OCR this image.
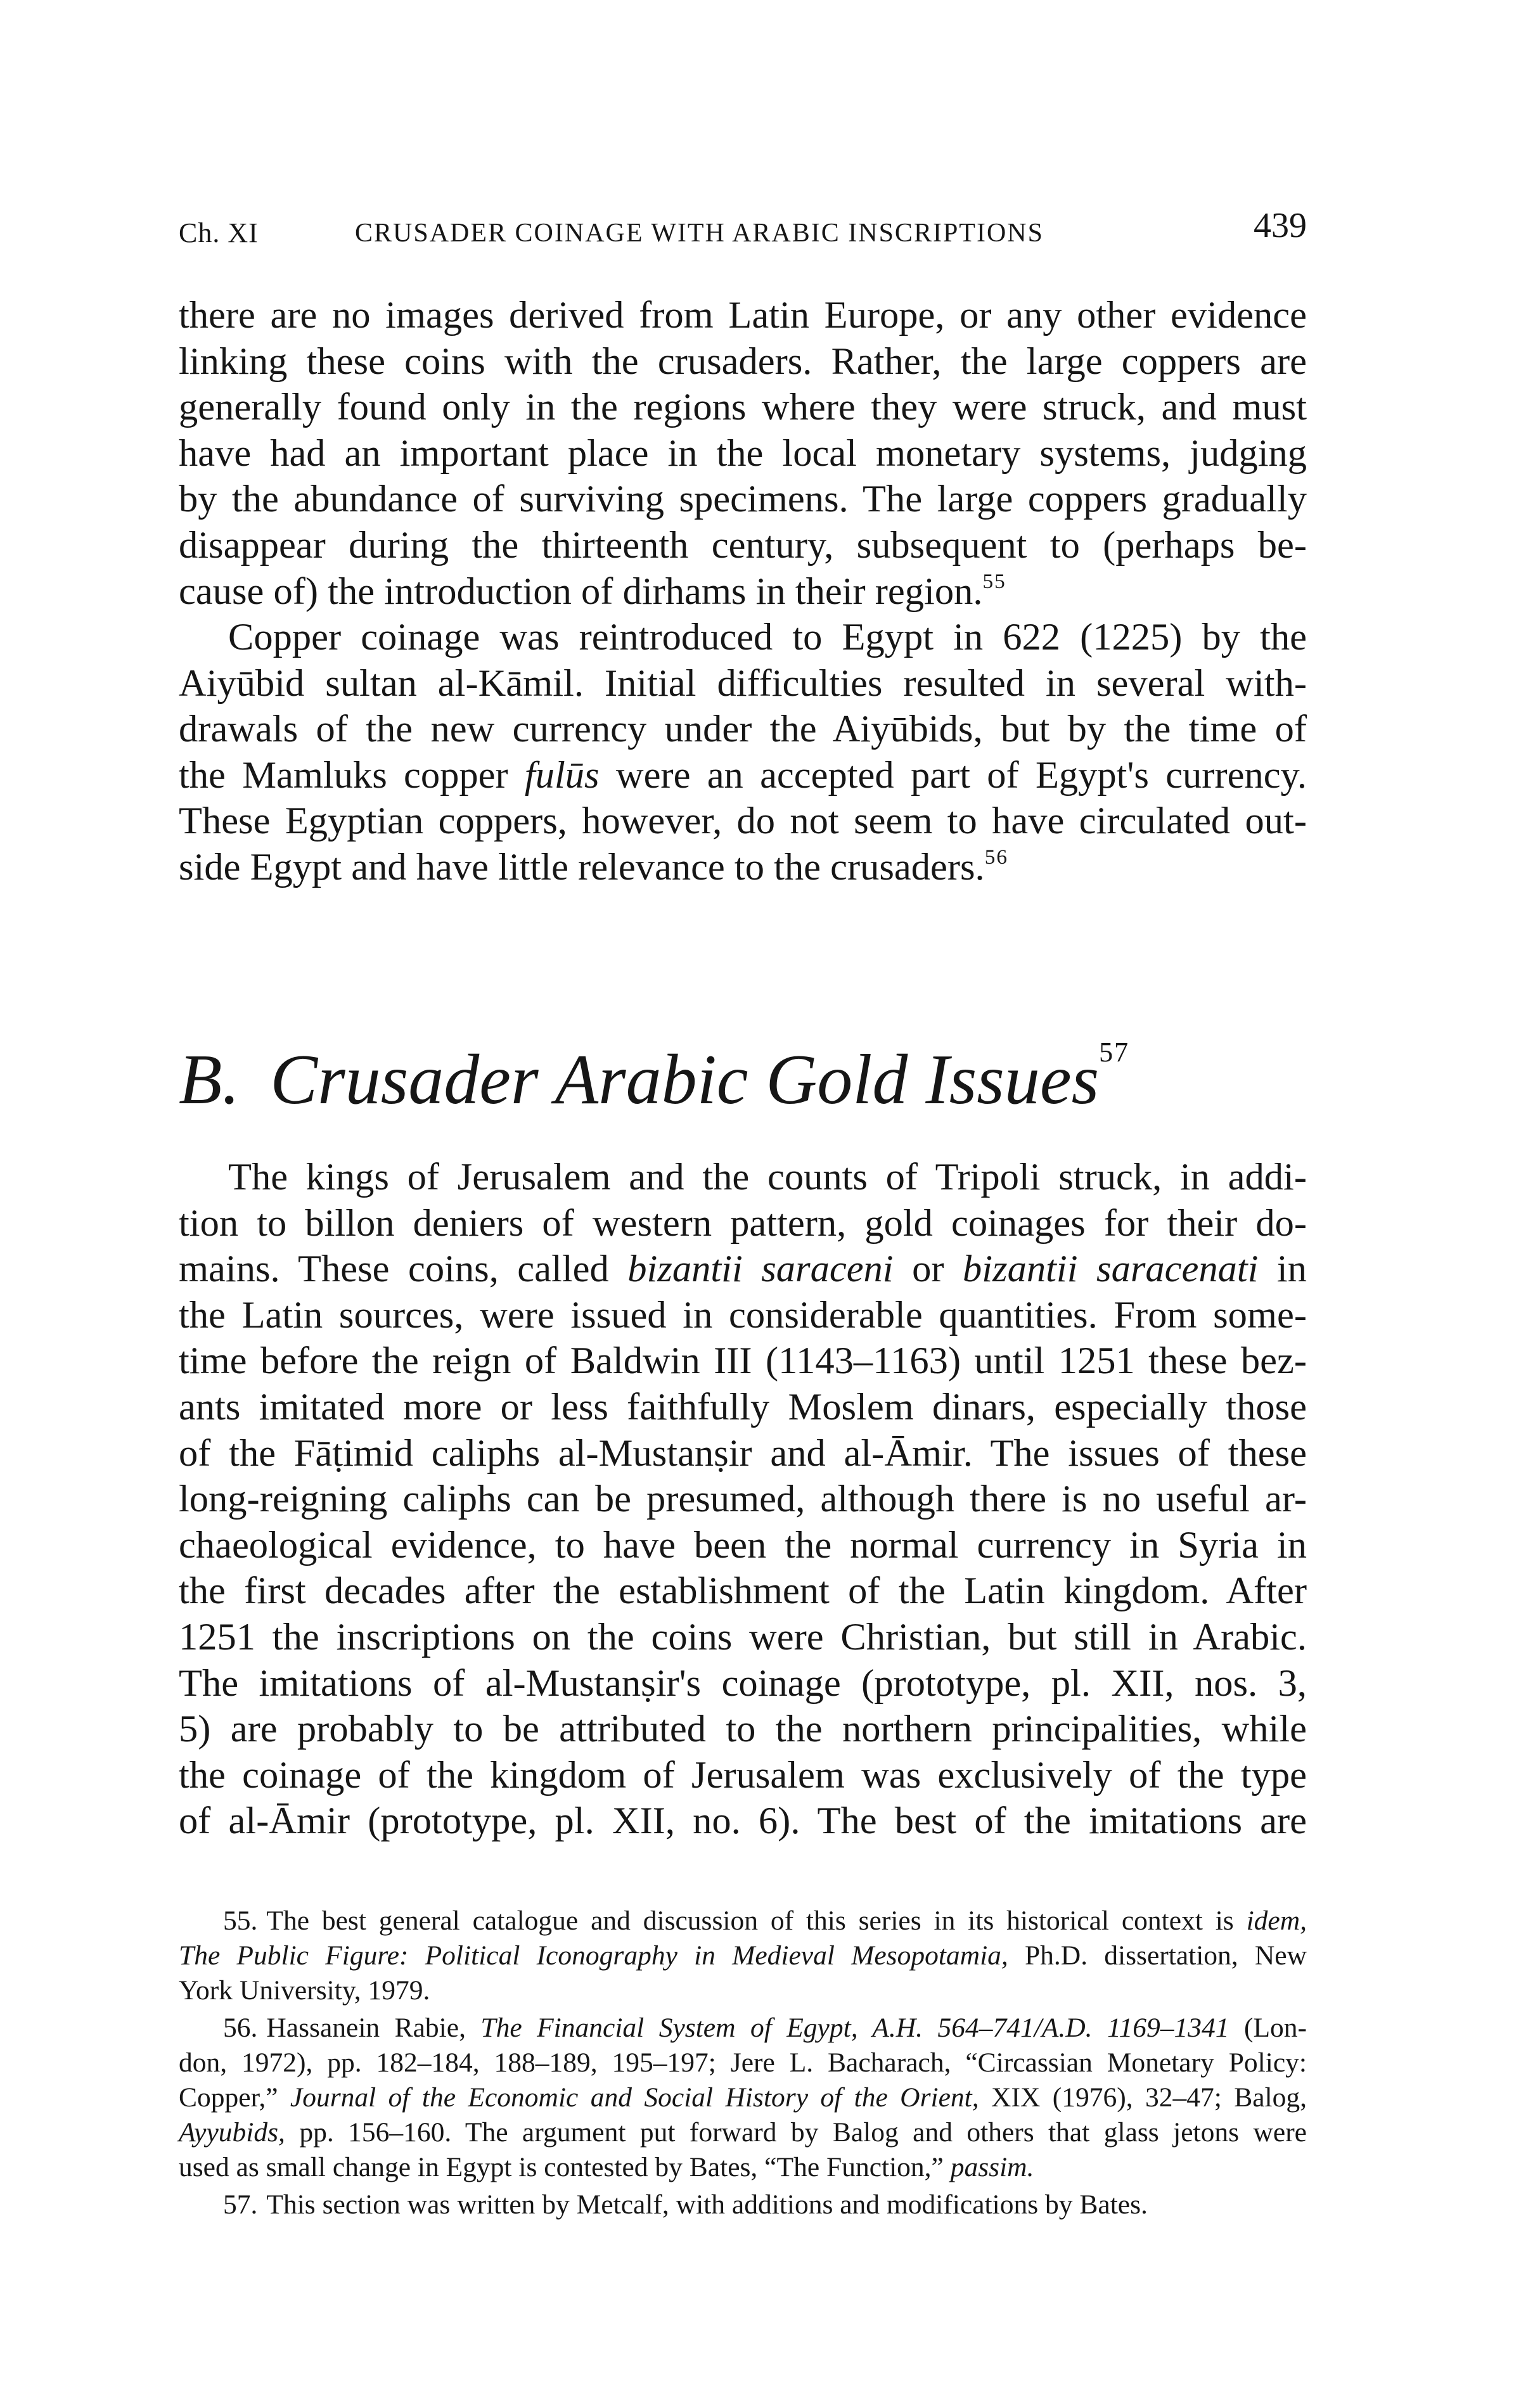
Ch. XI	CRUSADER COINAGE WITH ARABIC INSCRIPTIONS	439

there are no images derived from Latin Europe, or any other evidence
linking these coins with the crusaders. Rather, the large coppers are
generally found only in the regions where they were struck, and must
have had an important place in the local monetary systems, judging
by the abundance of surviving specimens. The large coppers gradually
disappear during the thirteenth century, subsequent to (perhaps be-
cause of) the introduction of dirhams in their region.$^{55}$

Copper coinage was reintroduced to Egypt in 622 (1225) by the
Aiyūbid sultan al-Kāmil. Initial difficulties resulted in several with-
drawals of the new currency under the Aiyūbids, but by the time of
the Mamluks copper fulūs were an accepted part of Egypt's currency.
These Egyptian coppers, however, do not seem to have circulated out-
side Egypt and have little relevance to the crusaders.$^{56}$

B. Crusader Arabic Gold Issues$^{57}$

The kings of Jerusalem and the counts of Tripoli struck, in addi-
tion to billon deniers of western pattern, gold coinages for their do-
mains. These coins, called bizantii saraceni or bizantii saracenati in
the Latin sources, were issued in considerable quantities. From some-
time before the reign of Baldwin III (1143–1163) until 1251 these bez-
ants imitated more or less faithfully Moslem dinars, especially those
of the Fāṭimid caliphs al-Mustanṣir and al-Āmir. The issues of these
long-reigning caliphs can be presumed, although there is no useful ar-
chaeological evidence, to have been the normal currency in Syria in
the first decades after the establishment of the Latin kingdom. After
1251 the inscriptions on the coins were Christian, but still in Arabic.
The imitations of al-Mustanṣir's coinage (prototype, pl. XII, nos. 3,
5) are probably to be attributed to the northern principalities, while
the coinage of the kingdom of Jerusalem was exclusively of the type
of al-Āmir (prototype, pl. XII, no. 6). The best of the imitations are

55. The best general catalogue and discussion of this series in its historical context is idem,
The Public Figure: Political Iconography in Medieval Mesopotamia, Ph.D. dissertation, New
York University, 1979.

56. Hassanein Rabie, The Financial System of Egypt, A.H. 564–741/A.D. 1169–1341 (Lon-
don, 1972), pp. 182–184, 188–189, 195–197; Jere L. Bacharach, “Circassian Monetary Policy:
Copper,” Journal of the Economic and Social History of the Orient, XIX (1976), 32–47; Balog,
Ayyubids, pp. 156–160. The argument put forward by Balog and others that glass jetons were
used as small change in Egypt is contested by Bates, “The Function,” passim.

57. This section was written by Metcalf, with additions and modifications by Bates.
